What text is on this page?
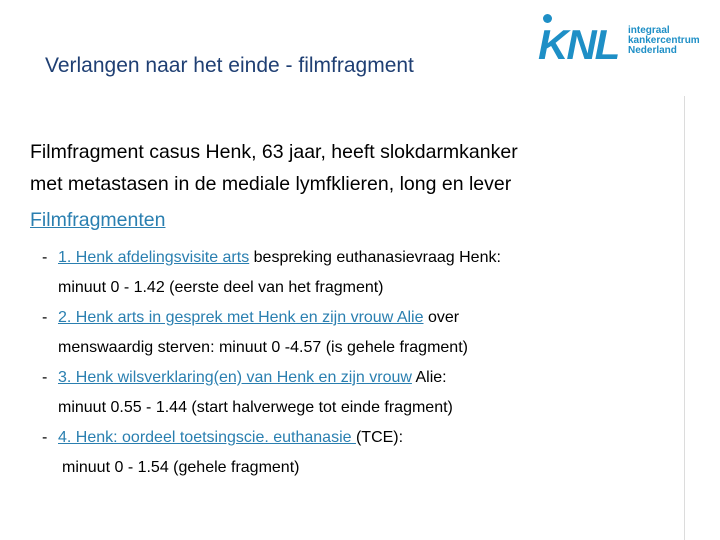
Verlangen naar het einde - filmfragment	KNL integraal
kankercentrum
Nederland
Filmfragment casus Henk, 63 jaar, heeft slokdarmkanker
met metastasen in de mediale lymfklieren, long en lever
Filmfragmenten
- 1. Henk afdelingsvisite arts bespreking euthanasievraag Henk:
minuut 0 - 1.42 (eerste deel van het fragment)
- 2. Henk arts in gesprek met Henk en zijn vrouw Alie over
menswaardig sterven: minuut 0 -4.57 (is gehele fragment)
- 3. Henk wilsverklaring(en) van Henk en zijn vrouw Alie:
minuut 0.55 - 1.44 (start halverwege tot einde fragment)
- 4. Henk: oordeel toetsingscie. euthanasie (TCE):
minuut 0 - 1.54 (gehele fragment)
